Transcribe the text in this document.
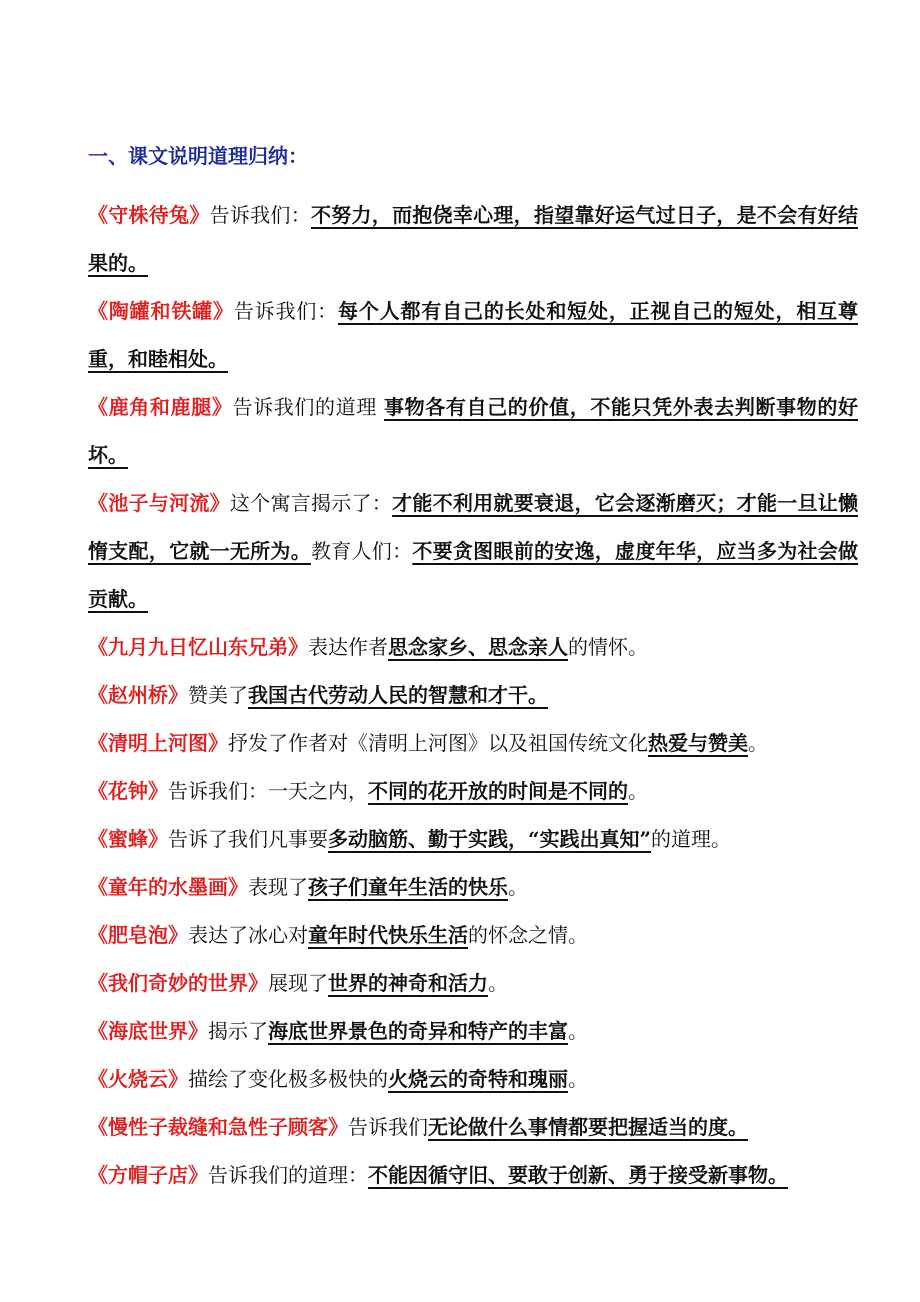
一、课文说明道理归纳：
《守株待兔》告诉我们：不努力，而抱侥幸心理，指望靠好运气过日子，是不会有好结果的。
《陶罐和铁罐》告诉我们：每个人都有自己的长处和短处，正视自己的短处，相互尊重，和睦相处。
《鹿角和鹿腿》告诉我们的道理 事物各有自己的价值，不能只凭外表去判断事物的好坏。
《池子与河流》这个寓言揭示了：才能不利用就要衰退，它会逐渐磨灭；才能一旦让懒惰支配，它就一无所为。教育人们：不要贪图眼前的安逸，虚度年华，应当多为社会做贡献。
《九月九日忆山东兄弟》表达作者思念家乡、思念亲人的情怀。
《赵州桥》赞美了我国古代劳动人民的智慧和才干。
《清明上河图》抒发了作者对《清明上河图》以及祖国传统文化热爱与赞美。
《花钟》告诉我们：一天之内，不同的花开放的时间是不同的。
《蜜蜂》告诉了我们凡事要多动脑筋、勤于实践，“实践出真知”的道理。
《童年的水墨画》表现了孩子们童年生活的快乐。
《肥皂泡》表达了冰心对童年时代快乐生活的怀念之情。
《我们奇妙的世界》展现了世界的神奇和活力。
《海底世界》揭示了海底世界景色的奇异和特产的丰富。
《火烧云》描绘了变化极多极快的火烧云的奇特和瑰丽。
《慢性子裁缝和急性子顾客》告诉我们无论做什么事情都要把握适当的度。
《方帽子店》告诉我们的道理：不能因循守旧、要敢于创新、勇于接受新事物。
